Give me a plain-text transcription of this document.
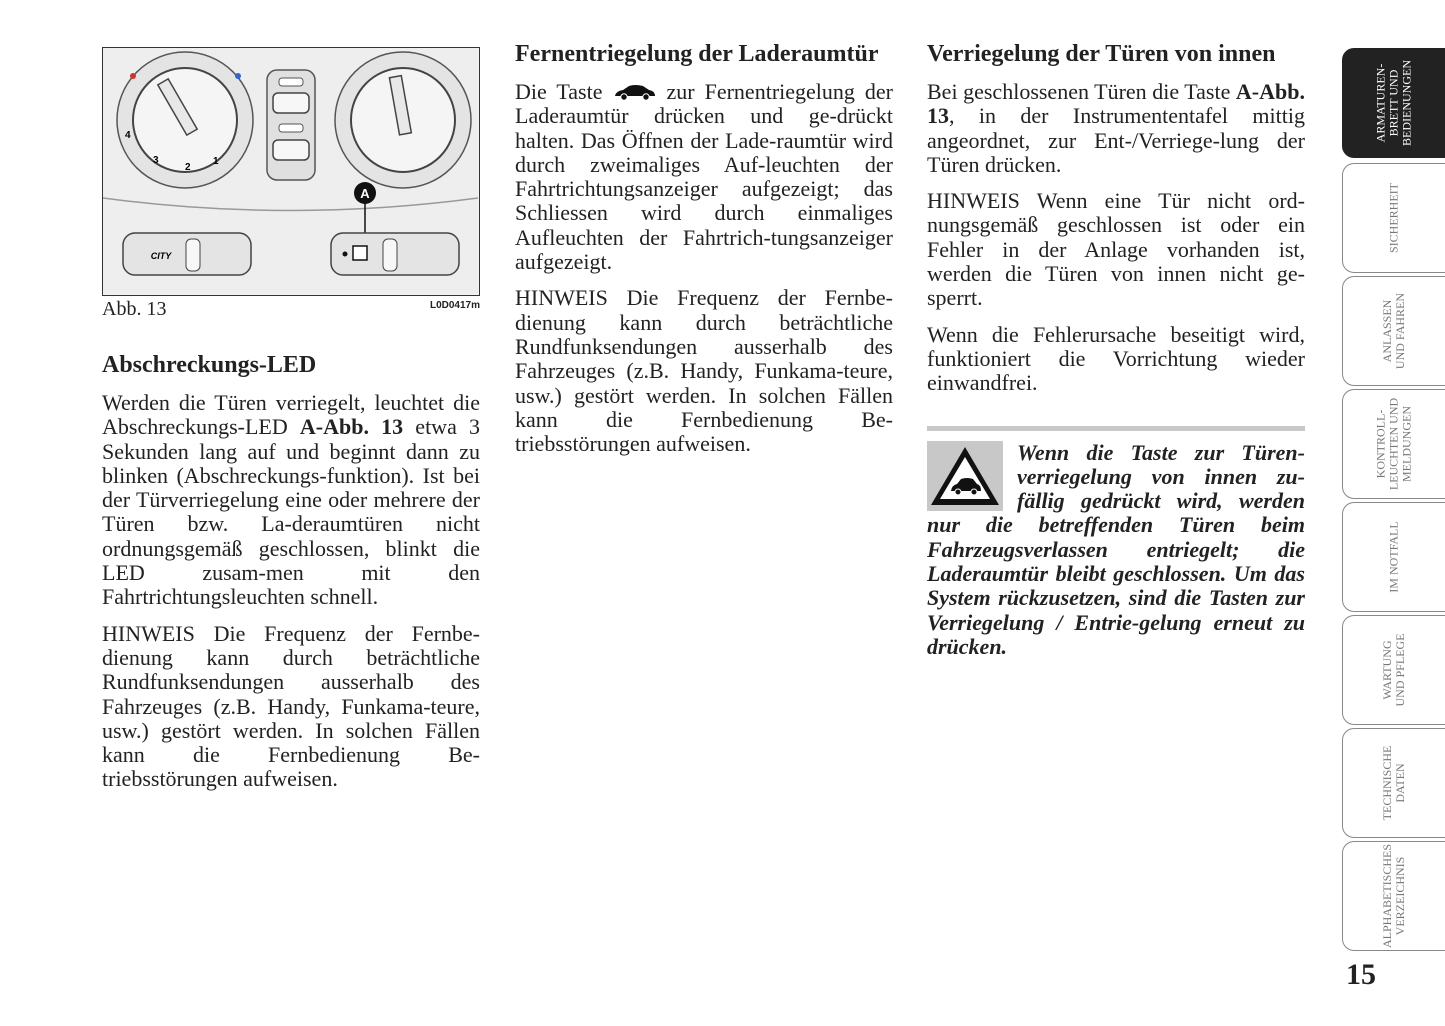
4
3
2
1
A
CITY
Abb. 13	L0D0417m
Abschreckungs-LED

Werden die Türen verriegelt, leuchtet die Abschreckungs-LED A-Abb. 13 etwa 3 Sekunden lang auf und beginnt dann zu blinken (Abschreckungs-funktion). Ist bei der Türverriegelung eine oder mehrere der Türen bzw. La-deraumtüren nicht ordnungsgemäß geschlossen, blinkt die LED zusam-men mit den Fahrtrichtungsleuchten schnell.

HINWEIS Die Frequenz der Fernbe-dienung kann durch beträchtliche Rundfunksendungen ausserhalb des Fahrzeuges (z.B. Handy, Funkama-teure, usw.) gestört werden. In solchen Fällen kann die Fernbedienung Be-triebsstörungen aufweisen.

Fernentriegelung der Laderaumtür

Die Taste  zur Fernentriegelung der Laderaumtür drücken und ge-drückt halten. Das Öffnen der Lade-raumtür wird durch zweimaliges Auf-leuchten der Fahrtrichtungsanzeiger aufgezeigt; das Schliessen wird durch einmaliges Aufleuchten der Fahrtrich-tungsanzeiger aufgezeigt.

HINWEIS Die Frequenz der Fernbe-dienung kann durch beträchtliche Rundfunksendungen ausserhalb des Fahrzeuges (z.B. Handy, Funkama-teure, usw.) gestört werden. In solchen Fällen kann die Fernbedienung Be-triebsstörungen aufweisen.

Verriegelung der Türen von innen

Bei geschlossenen Türen die Taste A-Abb. 13, in der Instrumententafel mittig angeordnet, zur Ent-/Verriege-lung der Türen drücken.

HINWEIS Wenn eine Tür nicht ord-nungsgemäß geschlossen ist oder ein Fehler in der Anlage vorhanden ist, werden die Türen von innen nicht ge-sperrt.

Wenn die Fehlerursache beseitigt wird, funktioniert die Vorrichtung wieder einwandfrei.

Wenn die Taste zur Türen-verriegelung von innen zu-fällig gedrückt wird, werden nur die betreffenden Türen beim Fahrzeugsverlassen entriegelt; die Laderaumtür bleibt geschlossen. Um das System rückzusetzen, sind die Tasten zur Verriegelung / Entrie-gelung erneut zu drücken.

ARMATUREN-
BRETT UND
BEDIENUNGEN
SICHERHEIT
ANLASSEN
UND FAHREN
KONTROLL-
LEUCHTEN UND
MELDUNGEN
IM NOTFALL
WARTUNG
UND PFLEGE
TECHNISCHE
DATEN
ALPHABETISCHES
VERZEICHNIS
15
